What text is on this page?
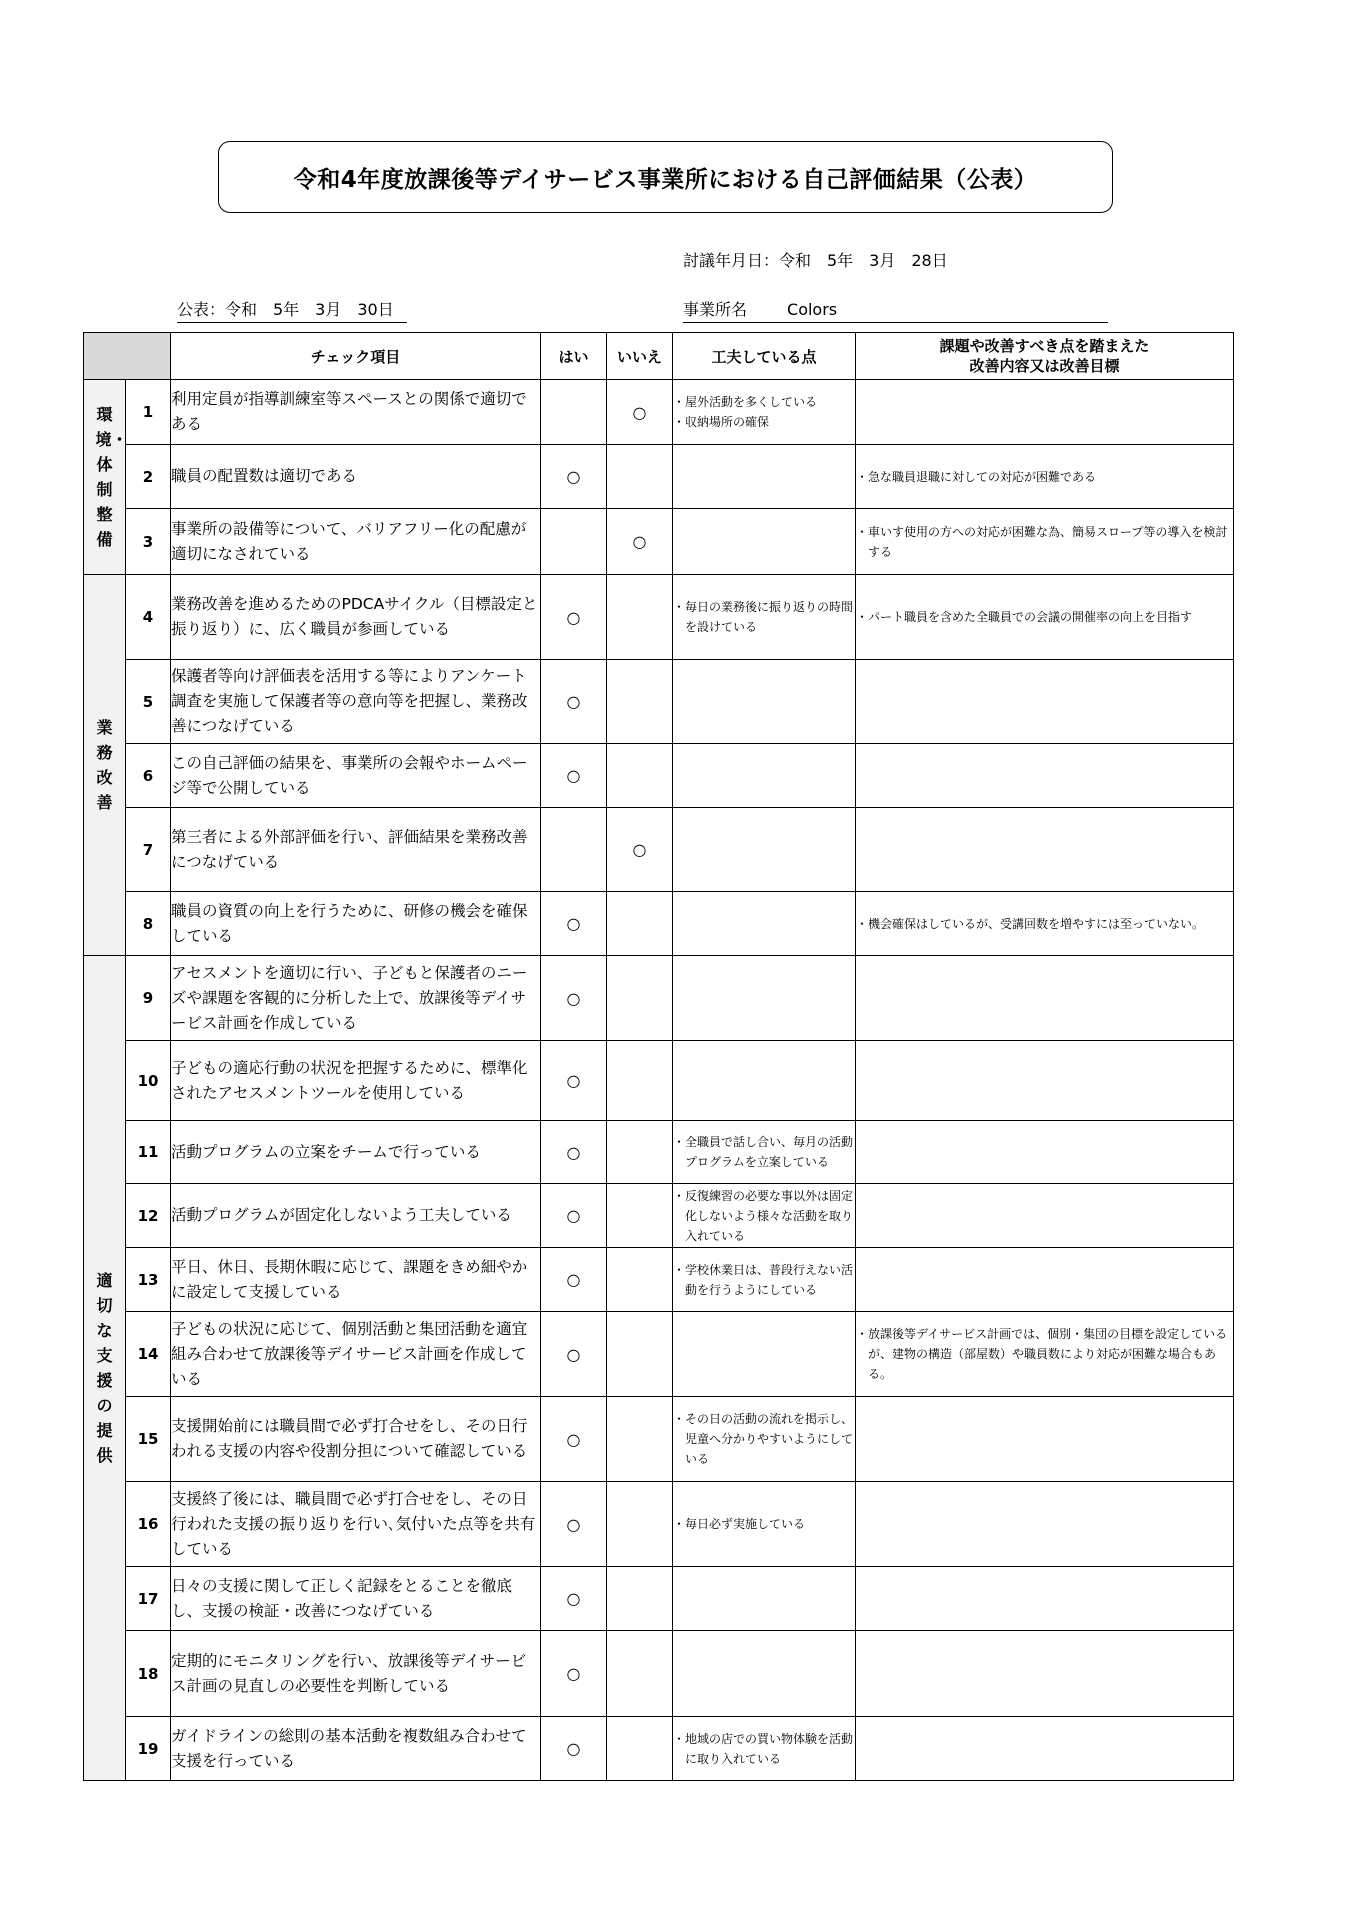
令和4年度放課後等デイサービス事業所における自己評価結果（公表）
討議年月日：令和　5年　3月　28日
公表：令和　5年　3月　30日	事業所名	Colors
		チェック項目	はい	いいえ	工夫している点	課題や改善すべき点を踏まえた
改善内容又は改善目標

環境・体制整備	1	利用定員が指導訓練室等スペースとの関係で適切である		○	・屋外活動を多くしている
・収納場所の確保	

	2	職員の配置数は適切である	○			・急な職員退職に対しての対応が困難である

	3	事業所の設備等について、バリアフリー化の配慮が適切になされている		○		・車いす使用の方への対応が困難な為、簡易スロープ等の導入を検討する

業務改善	4	業務改善を進めるためのPDCAサイクル（目標設定と振り返り）に、広く職員が参画している	○		・毎日の業務後に振り返りの時間を設けている	・パート職員を含めた全職員での会議の開催率の向上を目指す

	5	保護者等向け評価表を活用する等によりアンケート調査を実施して保護者等の意向等を把握し、業務改善につなげている	○			
	6	この自己評価の結果を、事業所の会報やホームページ等で公開している	○			
	7	第三者による外部評価を行い、評価結果を業務改善につなげている		○		
	8	職員の資質の向上を行うために、研修の機会を確保している	○			・機会確保はしているが、受講回数を増やすには至っていない。

適切な支援の提供	9	アセスメントを適切に行い、子どもと保護者のニーズや課題を客観的に分析した上で、放課後等デイサービス計画を作成している	○			
	10	子どもの適応行動の状況を把握するために、標準化されたアセスメントツールを使用している	○			
	11	活動プログラムの立案をチームで行っている	○		・全職員で話し合い、毎月の活動プログラムを立案している	

	12	活動プログラムが固定化しないよう工夫している	○		・反復練習の必要な事以外は固定化しないよう様々な活動を取り入れている	

	13	平日、休日、長期休暇に応じて、課題をきめ細やかに設定して支援している	○		・学校休業日は、普段行えない活動を行うようにしている	

	14	子どもの状況に応じて、個別活動と集団活動を適宜組み合わせて放課後等デイサービス計画を作成している	○			・放課後等デイサービス計画では、個別・集団の目標を設定しているが、建物の構造（部屋数）や職員数により対応が困難な場合もある。

	15	支援開始前には職員間で必ず打合せをし、その日行われる支援の内容や役割分担について確認している	○		・その日の活動の流れを掲示し、児童へ分かりやすいようにしている	

	16	支援終了後には、職員間で必ず打合せをし、その日行われた支援の振り返りを行い､気付いた点等を共有している	○		・毎日必ず実施している	

	17	日々の支援に関して正しく記録をとることを徹底し、支援の検証・改善につなげている	○			
	18	定期的にモニタリングを行い、放課後等デイサービス計画の見直しの必要性を判断している	○			
	19	ガイドラインの総則の基本活動を複数組み合わせて支援を行っている	○		・地域の店での買い物体験を活動に取り入れている	
